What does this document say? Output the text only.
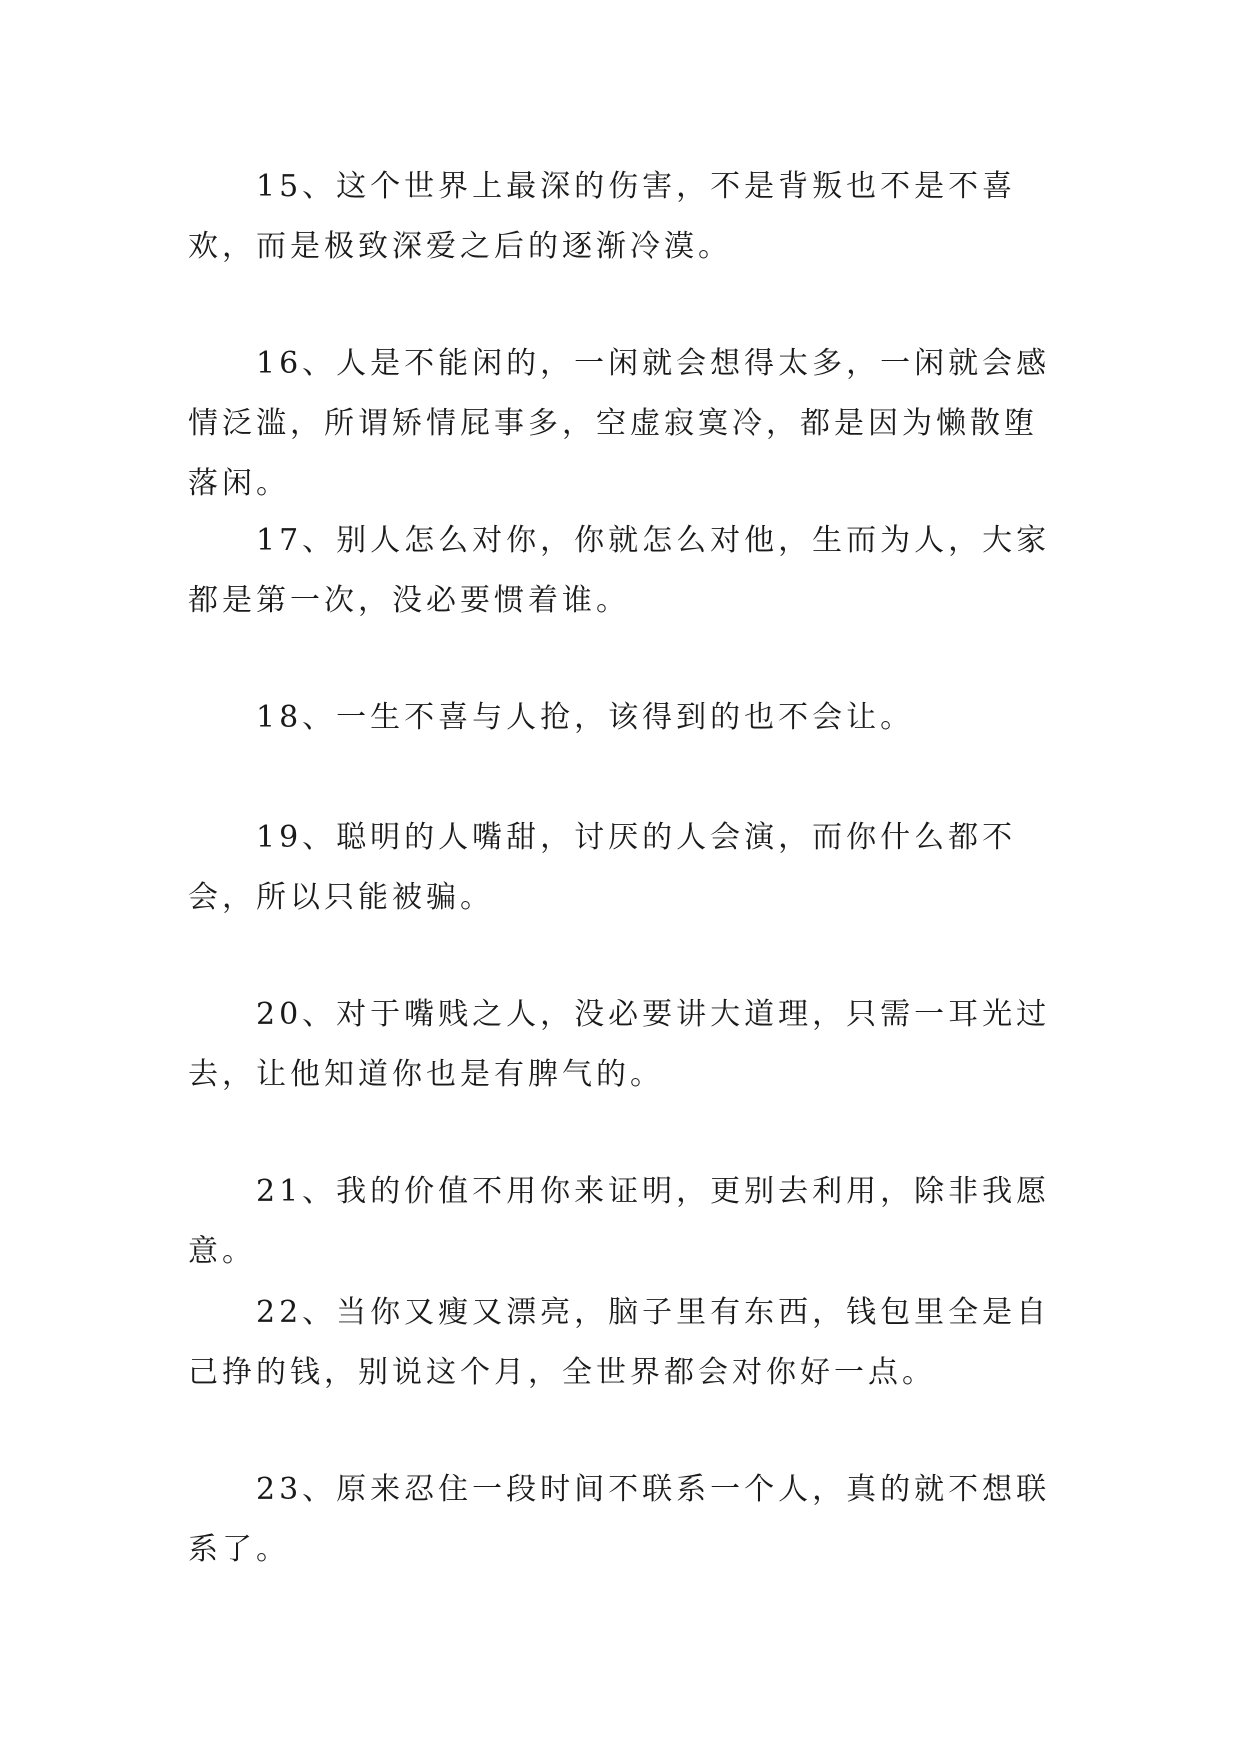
15、这个世界上最深的伤害，不是背叛也不是不喜欢，而是极致深爱之后的逐渐冷漠。

16、人是不能闲的，一闲就会想得太多，一闲就会感情泛滥，所谓矫情屁事多，空虚寂寞冷，都是因为懒散堕落闲。

17、别人怎么对你，你就怎么对他，生而为人，大家都是第一次，没必要惯着谁。

18、一生不喜与人抢，该得到的也不会让。

19、聪明的人嘴甜，讨厌的人会演，而你什么都不会，所以只能被骗。

20、对于嘴贱之人，没必要讲大道理，只需一耳光过去，让他知道你也是有脾气的。

21、我的价值不用你来证明，更别去利用，除非我愿意。

22、当你又瘦又漂亮，脑子里有东西，钱包里全是自己挣的钱，别说这个月，全世界都会对你好一点。

23、原来忍住一段时间不联系一个人，真的就不想联系了。
